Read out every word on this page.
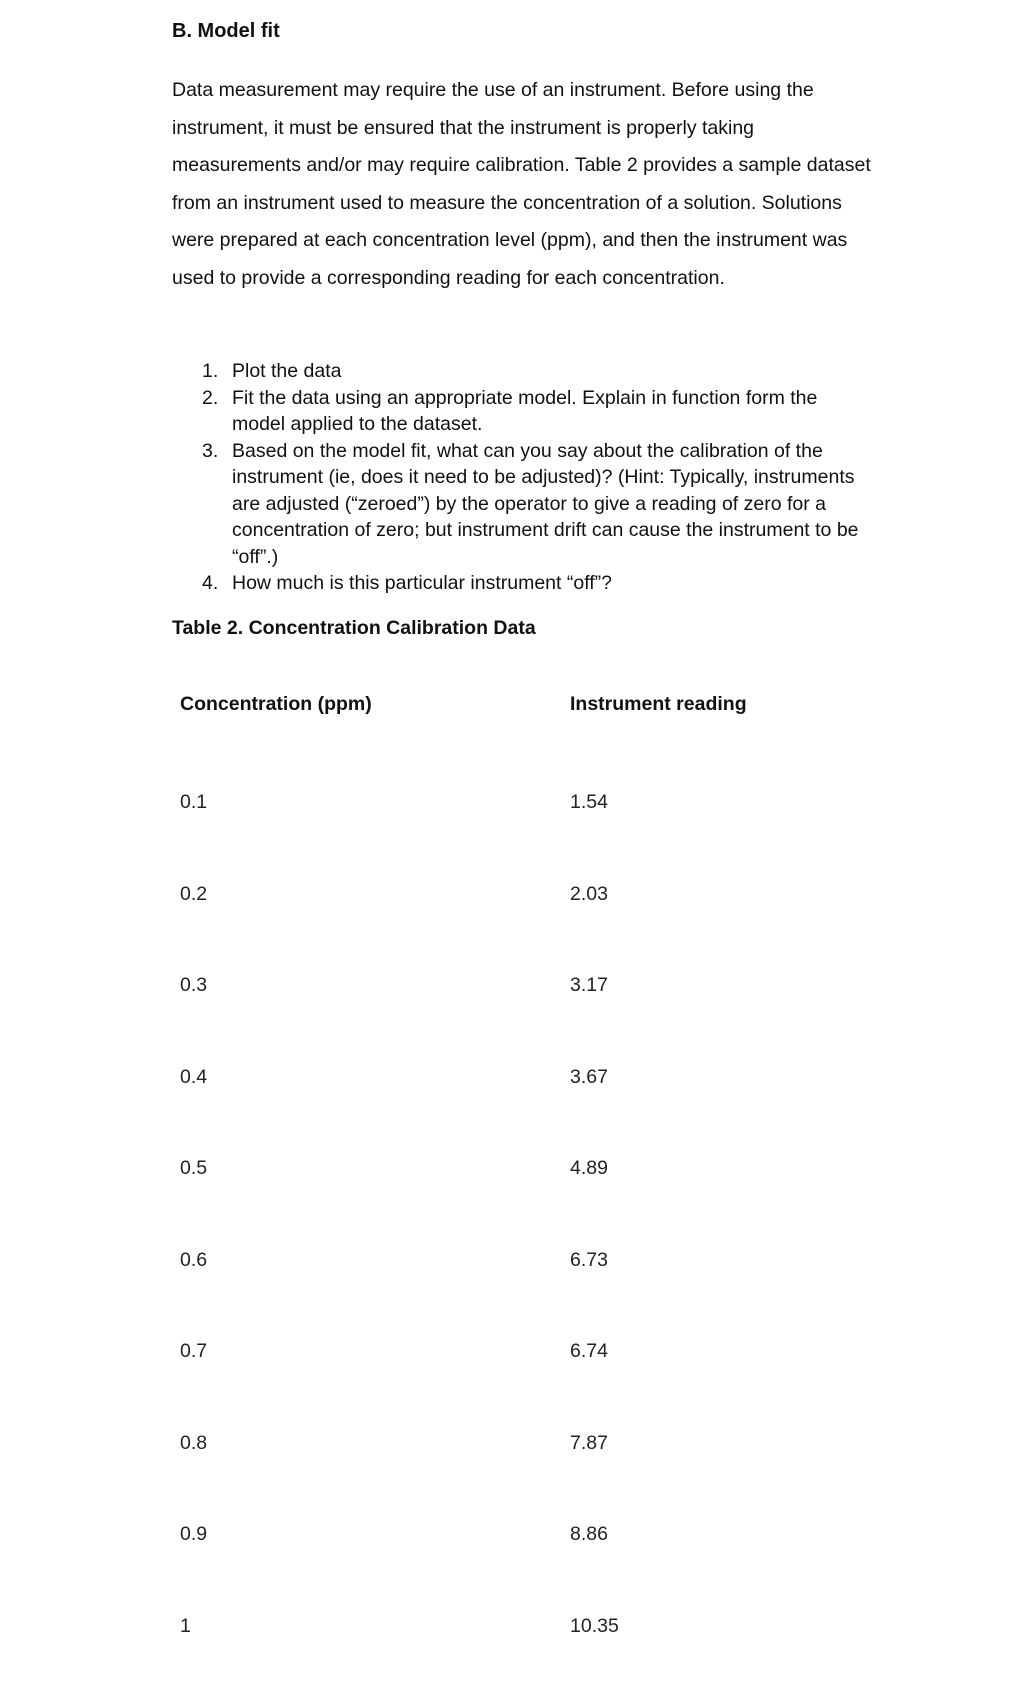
B. Model fit

Data measurement may require the use of an instrument. Before using the instrument, it must be ensured that the instrument is properly taking measurements and/or may require calibration. Table 2 provides a sample dataset from an instrument used to measure the concentration of a solution. Solutions were prepared at each concentration level (ppm), and then the instrument was used to provide a corresponding reading for each concentration.

1. Plot the data
2. Fit the data using an appropriate model. Explain in function form the model applied to the dataset.
3. Based on the model fit, what can you say about the calibration of the instrument (ie, does it need to be adjusted)? (Hint: Typically, instruments are adjusted (“zeroed”) by the operator to give a reading of zero for a concentration of zero; but instrument drift can cause the instrument to be “off”.)
4. How much is this particular instrument “off”?

Table 2. Concentration Calibration Data

Concentration (ppm)	Instrument reading

0.1	1.54
0.2	2.03
0.3	3.17
0.4	3.67
0.5	4.89
0.6	6.73
0.7	6.74
0.8	7.87
0.9	8.86
1	10.35
